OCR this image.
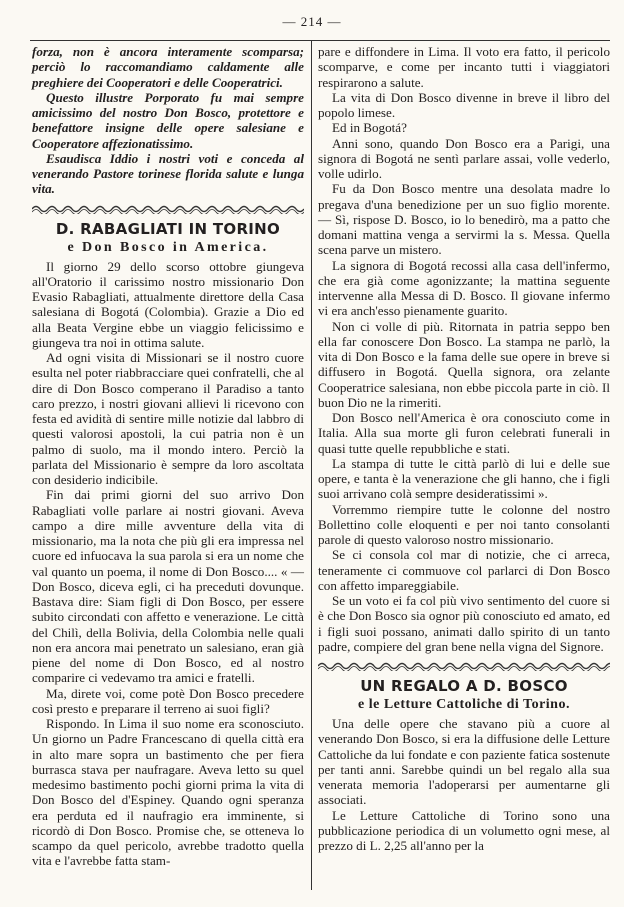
— 214 —

forza, non è ancora interamente scomparsa; perciò lo raccomandiamo caldamente alle preghiere dei Cooperatori e delle Cooperatrici.

Questo illustre Porporato fu mai sempre amicissimo del nostro Don Bosco, protettore e benefattore insigne delle opere salesiane e Cooperatore affezionatissimo.

Esaudisca Iddio i nostri voti e conceda al venerando Pastore torinese florida salute e lunga vita.

D. RABAGLIATI IN TORINO
e Don Bosco in America.

Il giorno 29 dello scorso ottobre giungeva all'Oratorio il carissimo nostro missionario Don Evasio Rabagliati, attualmente direttore della Casa salesiana di Bogotá (Colombia). Grazie a Dio ed alla Beata Vergine ebbe un viaggio felicissimo e giungeva tra noi in ottima salute.

Ad ogni visita di Missionari se il nostro cuore esulta nel poter riabbracciare quei confratelli, che al dire di Don Bosco comperano il Paradiso a tanto caro prezzo, i nostri giovani allievi li ricevono con festa ed avidità di sentire mille notizie dal labbro di questi valorosi apostoli, la cui patria non è un palmo di suolo, ma il mondo intero. Perciò la parlata del Missionario è sempre da loro ascoltata con desiderio indicibile.

Fin dai primi giorni del suo arrivo Don Rabagliati volle parlare ai nostri giovani. Aveva campo a dire mille avventure della vita di missionario, ma la nota che più gli era impressa nel cuore ed infuocava la sua parola si era un nome che val quanto un poema, il nome di Don Bosco.... « — Don Bosco, diceva egli, ci ha preceduti dovunque. Bastava dire: Siam figli di Don Bosco, per essere subito circondati con affetto e venerazione. Le città del Chilì, della Bolivia, della Colombia nelle quali non era ancora mai penetrato un salesiano, eran già piene del nome di Don Bosco, ed al nostro comparire ci vedevamo tra amici e fratelli.

Ma, direte voi, come potè Don Bosco precedere così presto e preparare il terreno ai suoi figli?

Rispondo. In Lima il suo nome era sconosciuto. Un giorno un Padre Francescano di quella città era in alto mare sopra un bastimento che per fiera burrasca stava per naufragare. Aveva letto su quel medesimo bastimento pochi giorni prima la vita di Don Bosco del d'Espiney. Quando ogni speranza era perduta ed il naufragio era imminente, si ricordò di Don Bosco. Promise che, se otteneva lo scampo da quel pericolo, avrebbe tradotto quella vita e l'avrebbe fatta stam-

pare e diffondere in Lima. Il voto era fatto, il pericolo scomparve, e come per incanto tutti i viaggiatori respirarono a salute.

La vita di Don Bosco divenne in breve il libro del popolo limese.

Ed in Bogotá?

Anni sono, quando Don Bosco era a Parigi, una signora di Bogotá ne sentì parlare assai, volle vederlo, volle udirlo.

Fu da Don Bosco mentre una desolata madre lo pregava d'una benedizione per un suo figlio morente. — Sì, rispose D. Bosco, io lo benedirò, ma a patto che domani mattina venga a servirmi la s. Messa. Quella scena parve un mistero.

La signora di Bogotá recossi alla casa dell'infermo, che era già come agonizzante; la mattina seguente intervenne alla Messa di D. Bosco. Il giovane infermo vi era anch'esso pienamente guarito.

Non ci volle di più. Ritornata in patria seppo ben ella far conoscere Don Bosco. La stampa ne parlò, la vita di Don Bosco e la fama delle sue opere in breve si diffusero in Bogotá. Quella signora, ora zelante Cooperatrice salesiana, non ebbe piccola parte in ciò. Il buon Dio ne la rimeriti.

Don Bosco nell'America è ora conosciuto come in Italia. Alla sua morte gli furon celebrati funerali in quasi tutte quelle repubbliche e stati.

La stampa di tutte le città parlò di lui e delle sue opere, e tanta è la venerazione che gli hanno, che i figli suoi arrivano colà sempre desideratissimi ».

Vorremmo riempire tutte le colonne del nostro Bollettino colle eloquenti e per noi tanto consolanti parole di questo valoroso nostro missionario.

Se ci consola col mar di notizie, che ci arreca, teneramente ci commuove col parlarci di Don Bosco con affetto impareggiabile.

Se un voto ei fa col più vivo sentimento del cuore si è che Don Bosco sia ognor più conosciuto ed amato, ed i figli suoi possano, animati dallo spirito di un tanto padre, compiere del gran bene nella vigna del Signore.

UN REGALO A D. BOSCO
e le Letture Cattoliche di Torino.

Una delle opere che stavano più a cuore al venerando Don Bosco, si era la diffusione delle Letture Cattoliche da lui fondate e con paziente fatica sostenute per tanti anni. Sarebbe quindi un bel regalo alla sua venerata memoria l'adoperarsi per aumentarne gli associati.

Le Letture Cattoliche di Torino sono una pubblicazione periodica di un volumetto ogni mese, al prezzo di L. 2,25 all'anno per la
